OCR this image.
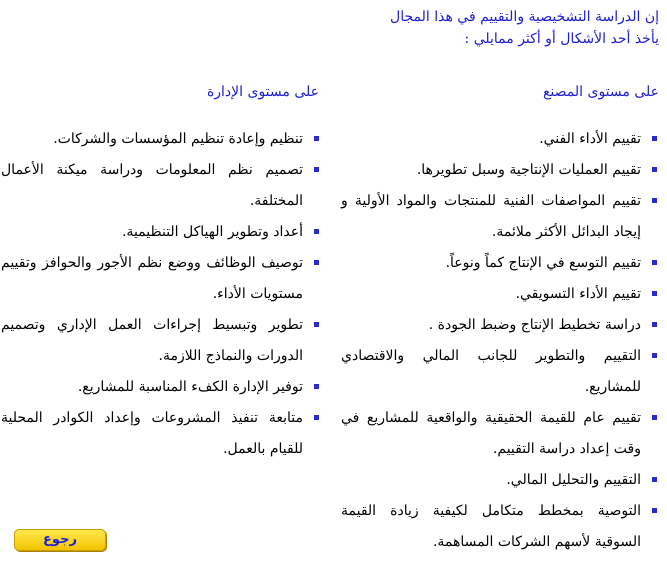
إن الدراسة التشخيصية والتقييم في هذا المجال
يأخذ أحد الأشكال أو أكثر ممايلي :
على مستوى المصنع
على مستوى الإدارة
تقييم الأداء الفني.
تقييم العمليات الإنتاجية وسبل تطويرها.
تقييم المواصفات الفنية للمنتجات والمواد الأولية و إيجاد البدائل الأكثر ملائمة.
تقييم التوسع في الإنتاج كماً ونوعاً.
تقييم الأداء التسويقي.
دراسة تخطيط الإنتاج وضبط الجودة .
التقييم والتطوير للجانب المالي والاقتصادي للمشاريع.
تقييم عام للقيمة الحقيقية والواقعية للمشاريع في وقت إعداد دراسة التقييم.
التقييم والتحليل المالي.
التوصية بمخطط متكامل لكيفية زيادة القيمة السوقية لأسهم الشركات المساهمة.
تنظيم وإعادة تنظيم المؤسسات والشركات.
تصميم نظم المعلومات ودراسة ميكنة الأعمال المختلفة.
أعداد وتطوير الهياكل التنظيمية.
توصيف الوظائف ووضع نظم الأجور والحوافز وتقييم مستويات الأداء.
تطوير وتبسيط إجراءات العمل الإداري وتصميم الدورات والنماذج اللازمة.
توفير الإدارة الكفء المناسبة للمشاريع.
متابعة تنفيذ المشروعات وإعداد الكوادر المحلية للقيام بالعمل.
رجوع
